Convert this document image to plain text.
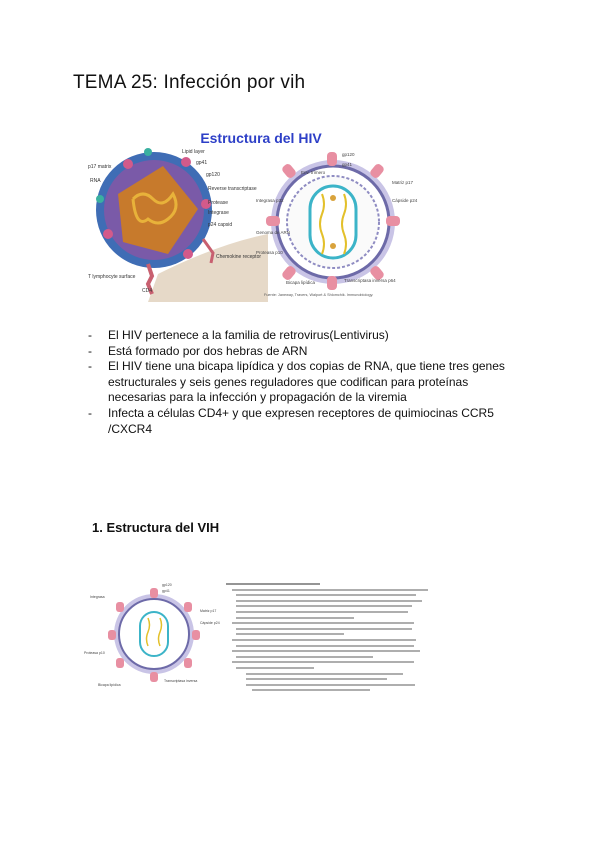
TEMA 25: Infección por vih
Estructura del HIV
Lipid layer
gp41
gp120
p17 matrix
RNA
Reverse transcriptase
Protease
Integrase
p24 capsid
Chemokine receptor
T lymphocyte surface
CD4
gp120
gp41
Env. trímero
Matriz p17
Cápside p24
Integrasa p32
Genoma de ARN
Proteasa p10
Bicapa lipídica	Transcriptasa inversa p64
Fuente: Janeway, Travers, Walport & Shlomchik. Immunobiology.
- El HIV pertenece a la familia de retrovirus(Lentivirus)
- Está formado por dos hebras de ARN
- El HIV tiene una bicapa lipídica y dos copias de RNA, que tiene tres genes estructurales y seis genes reguladores que codifican para proteínas necesarias para la infección y propagación de la viremia
- Infecta a células CD4+ y que expresen receptores de quimiocinas CCR5 /CXCR4
1. Estructura del VIH
gp120
gp41
Integrasa
Matriz p17
Cápside p24
Proteasa p10
Bicapa lipídica
Transcriptasa inversa
